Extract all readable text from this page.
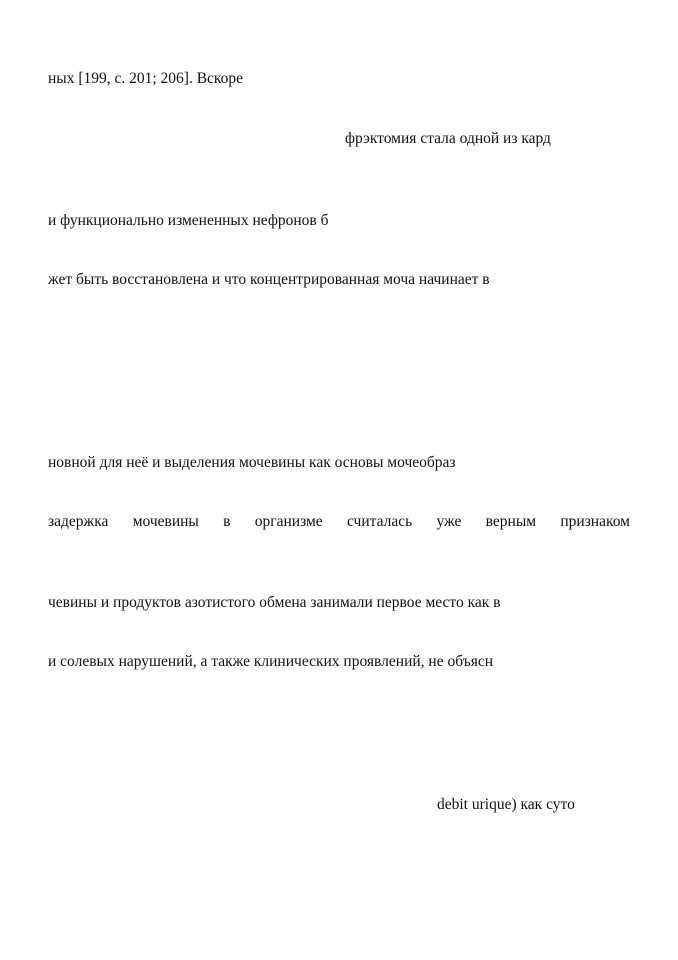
ных [199, с. 201; 206]. Вскоре
фрэктомия стала одной из кард
и функционально измененных нефронов б
жет быть восстановлена и что концентрированная моча начинает в
новной для неё и выделения мочевины как основы мочеобраз
задержка мочевины в организме считалась уже верным признаком
чевины и продуктов азотистого обмена занимали первое место как в
и солевых нарушений, а также клинических проявлений, не объясн
debit urique) как суто
